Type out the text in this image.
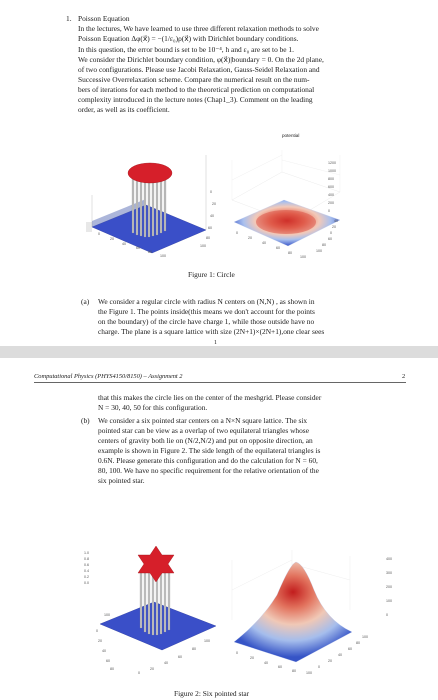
1. Poisson Equation
In the lectures, We have learned to use three different relaxation methods to solve
Poisson Equation Δφ(x⃗) = −(1/ε₀)ρ(x⃗) with Dirichlet boundary conditions.
In this question, the error bound is set to be 10⁻⁴, h and ε₀ are set to be 1.
We consider the Dirichlet boundary condition, φ(x⃗)|boundary = 0. On the 2d plane,
of two configurations. Please use Jacobi Relaxation, Gauss-Seidel Relaxation and
Successive Overrelaxation scheme. Compare the numerical result on the num-
bers of iterations for each method to the theoretical prediction on computational
complexity introduced in the lecture notes (Chap1_3). Comment on the leading
order, as well as its coefficient.
0
20
40
60
80
100
0
20
40
60
80
100
0
20
40
60
80
100
0
20
40
60
80
100
potential
1200
1000
800
600
400
200
0
Figure 1: Circle
(a) We consider a regular circle with radius N centers on (N,N) , as shown in
the Figure 1. The points inside(this means we don't account for the points
on the boundary) of the circle have charge 1, while those outside have no
charge. The plane is a square lattice with size (2N+1)×(2N+1),one clear sees
1
Computational Physics (PHYS4150/8150) – Assignment 2	2
that this makes the circle lies on the center of the meshgrid. Please consider
N = 30, 40, 50 for this configuration.
(b) We consider a six pointed star centers on a N×N square lattice. The six
pointed star can be view as a overlap of two equilateral triangles whose
centers of gravity both lie on (N/2,N/2) and put on opposite direction, an
example is shown in Figure 2. The side length of the equilateral triangles is
0.6N. Please generate this configuration and do the calculation for N = 60,
80, 100. We have no specific requirement for the relative orientation of the
six pointed star.
1.0
0.8
0.6
0.4
0.2
0.0
0
20
40
60
80
100
0
20
40
60
80
100
0
20
40
60
80	100
0
20
40
60
80
100
400
300
200
100
0
Figure 2: Six pointed star
